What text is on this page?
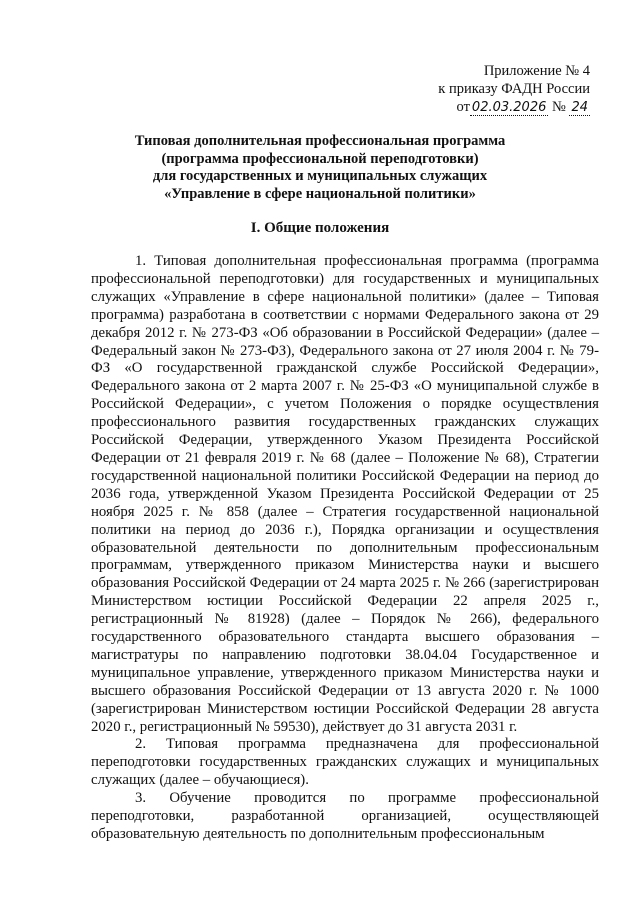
Приложение № 4
к приказу ФАДН России
от 02.03.2026 № 24
Типовая дополнительная профессиональная программа
(программа профессиональной переподготовки)
для государственных и муниципальных служащих
«Управление в сфере национальной политики»
I. Общие положения

1. Типовая дополнительная профессиональная программа (программа профессиональной переподготовки) для государственных и муниципальных служащих «Управление в сфере национальной политики» (далее – Типовая программа) разработана в соответствии с нормами Федерального закона от 29 декабря 2012 г. № 273-ФЗ «Об образовании в Российской Федерации» (далее – Федеральный закон № 273-ФЗ), Федерального закона от 27 июля 2004 г. № 79-ФЗ «О государственной гражданской службе Российской Федерации», Федерального закона от 2 марта 2007 г. № 25-ФЗ «О муниципальной службе в Российской Федерации», с учетом Положения о порядке осуществления профессионального развития государственных гражданских служащих Российской Федерации, утвержденного Указом Президента Российской Федерации от 21 февраля 2019 г. № 68 (далее – Положение № 68), Стратегии государственной национальной политики Российской Федерации на период до 2036 года, утвержденной Указом Президента Российской Федерации от 25 ноября 2025 г. № 858 (далее – Стратегия государственной национальной политики на период до 2036 г.), Порядка организации и осуществления образовательной деятельности по дополнительным профессиональным программам, утвержденного приказом Министерства науки и высшего образования Российской Федерации от 24 марта 2025 г. № 266 (зарегистрирован Министерством юстиции Российской Федерации 22 апреля 2025 г., регистрационный № 81928) (далее – Порядок № 266), федерального государственного образовательного стандарта высшего образования – магистратуры по направлению подготовки 38.04.04 Государственное и муниципальное управление, утвержденного приказом Министерства науки и высшего образования Российской Федерации от 13 августа 2020 г. № 1000 (зарегистрирован Министерством юстиции Российской Федерации 28 августа 2020 г., регистрационный № 59530), действует до 31 августа 2031 г.

2. Типовая программа предназначена для профессиональной переподготовки государственных гражданских служащих и муниципальных служащих (далее – обучающиеся).

3. Обучение проводится по программе профессиональной переподготовки, разработанной организацией, осуществляющей образовательную деятельность по дополнительным профессиональным
